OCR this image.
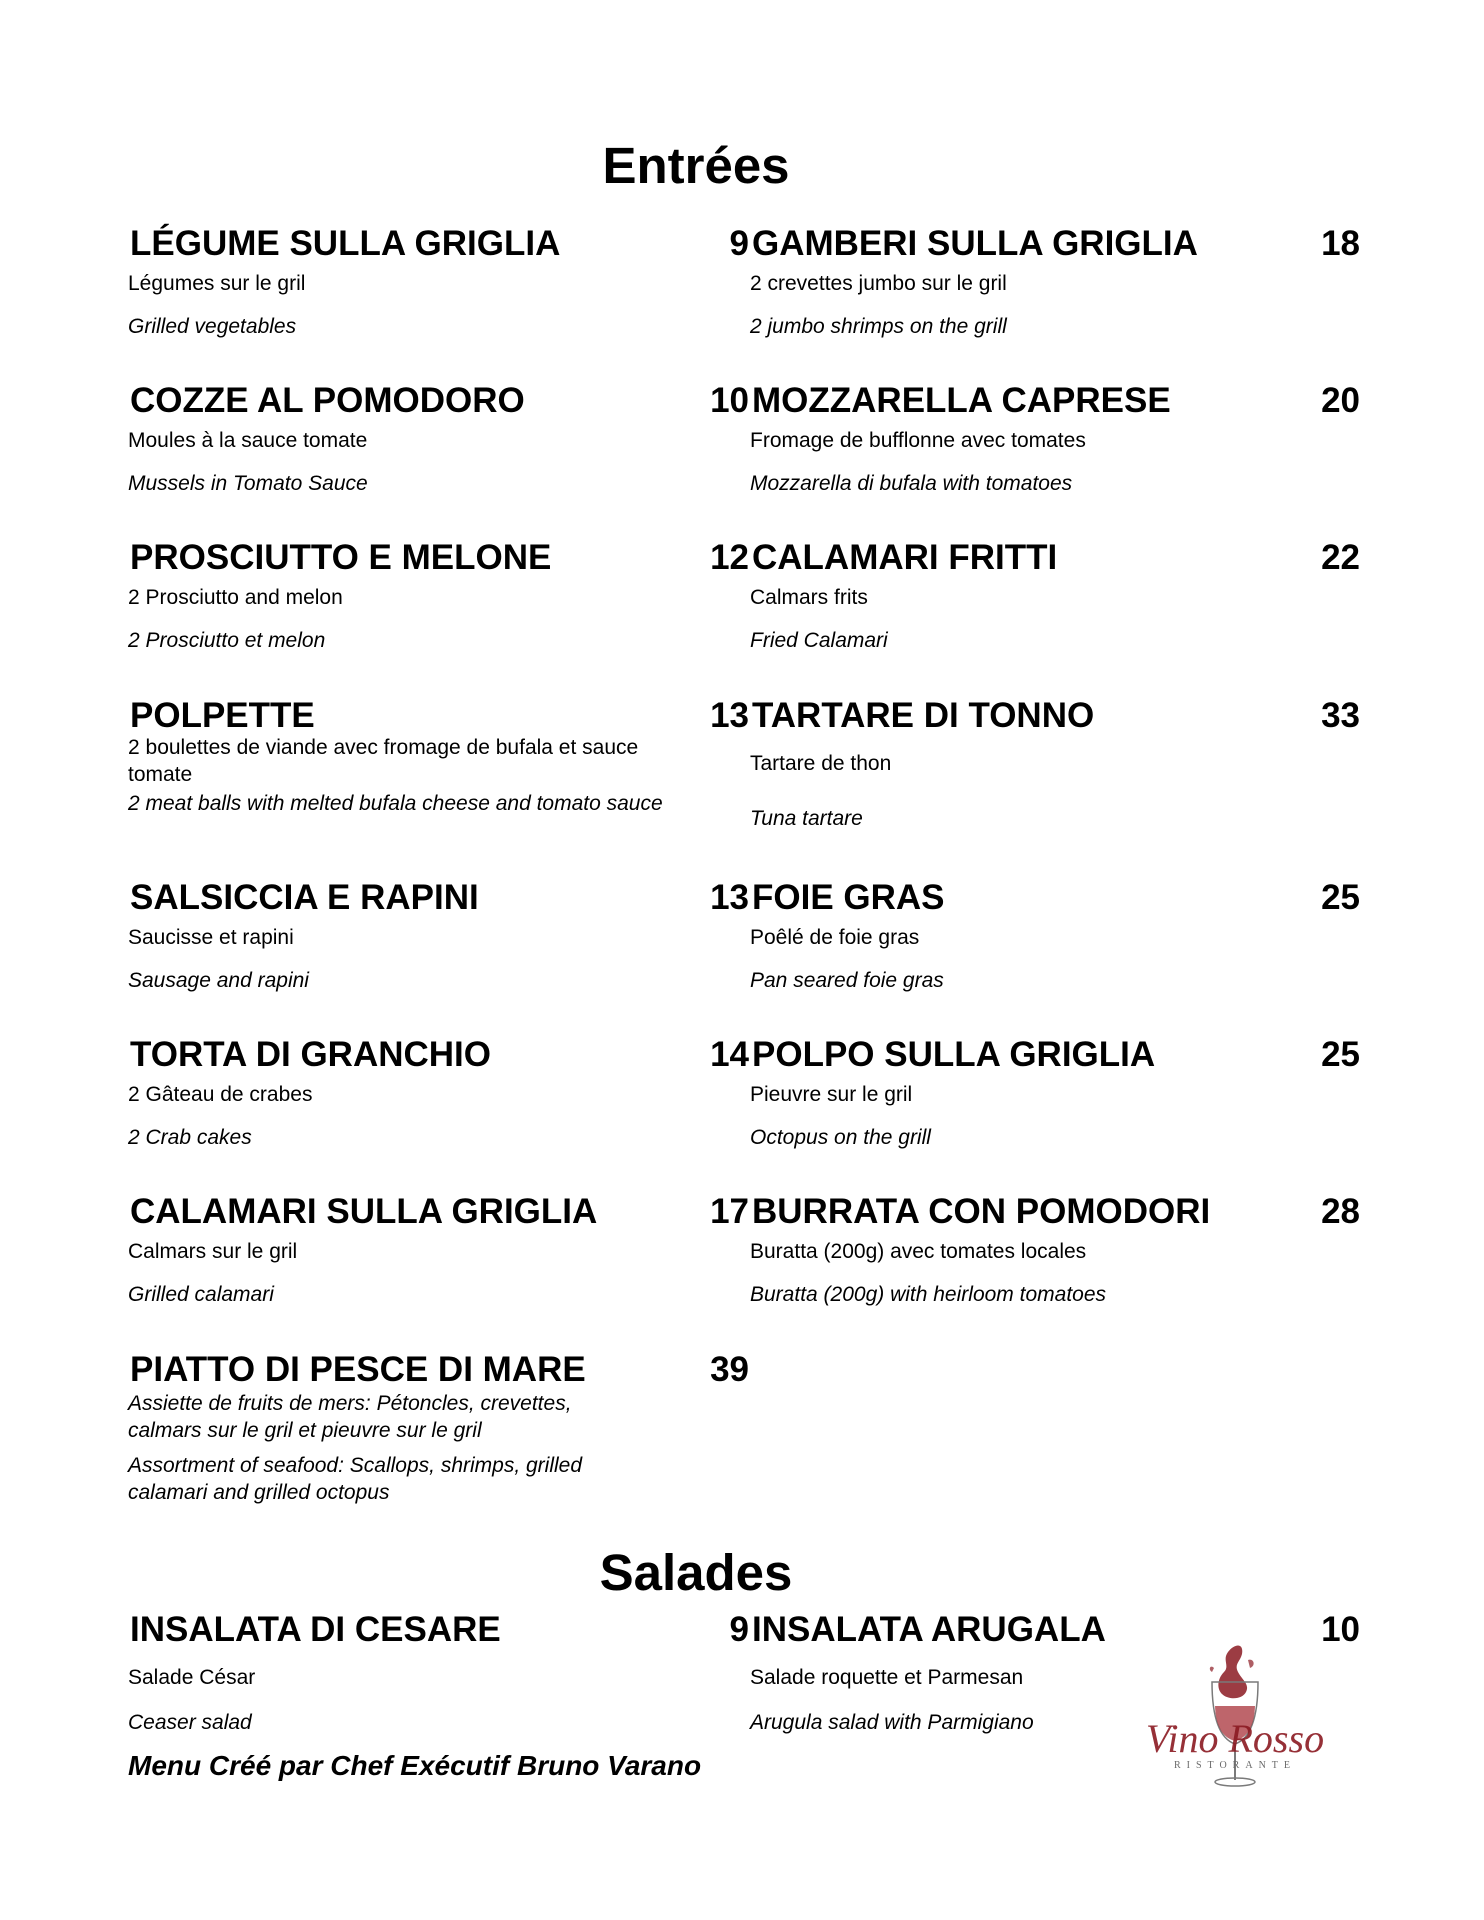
Entrées
LÉGUME SULLA GRIGLIA	9
Légumes sur le gril
Grilled vegetables
GAMBERI SULLA GRIGLIA	18
2 crevettes jumbo sur le gril
2 jumbo shrimps on the grill
COZZE AL POMODORO	10
Moules à la sauce tomate
Mussels in Tomato Sauce
MOZZARELLA CAPRESE	20
Fromage de bufflonne avec tomates
Mozzarella di bufala with tomatoes
PROSCIUTTO E MELONE	12
2 Prosciutto and melon
2 Prosciutto et melon
CALAMARI FRITTI	22
Calmars frits
Fried Calamari
POLPETTE	13
2 boulettes de viande avec fromage de bufala et sauce tomate
2 meat balls with melted bufala cheese and tomato sauce
TARTARE DI TONNO	33
Tartare de thon
Tuna tartare
SALSICCIA E RAPINI	13
Saucisse et rapini
Sausage and rapini
FOIE GRAS	25
Poêlé de foie gras
Pan seared foie gras
TORTA DI GRANCHIO	14
2 Gâteau de crabes
2 Crab cakes
POLPO SULLA GRIGLIA	25
Pieuvre sur le gril
Octopus on the grill
CALAMARI SULLA GRIGLIA	17
Calmars sur le gril
Grilled calamari
BURRATA CON POMODORI	28
Buratta (200g) avec tomates locales
Buratta (200g) with heirloom tomatoes
PIATTO DI PESCE DI MARE	39
Assiette de fruits de mers: Pétoncles, crevettes, calmars sur le gril et pieuvre sur le gril
Assortment of seafood: Scallops, shrimps, grilled calamari and grilled octopus
Salades
INSALATA DI CESARE	9
Salade César
Ceaser salad
INSALATA ARUGALA	10
Salade roquette et Parmesan
Arugula salad with Parmigiano
Menu Créé par Chef Exécutif Bruno Varano
Vino Rosso
RISTORANTE
